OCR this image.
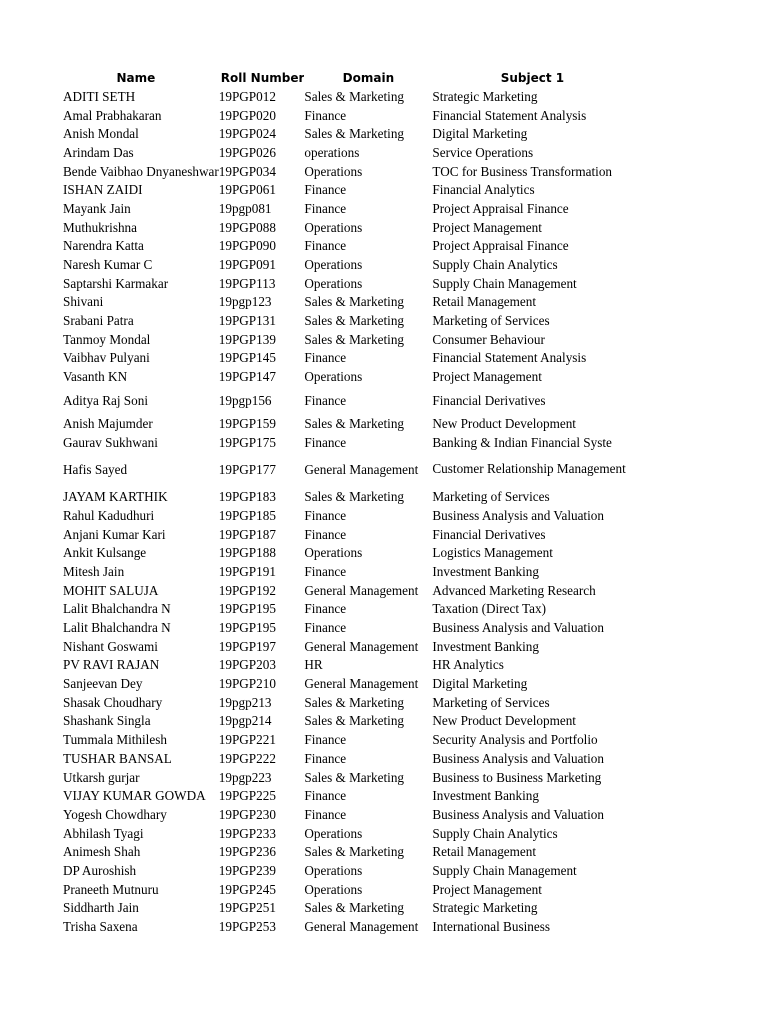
Name	Roll Number	Domain	Subject 1
ADITI SETH	19PGP012	Sales & Marketing	Strategic Marketing
Amal Prabhakaran	19PGP020	Finance	Financial Statement Analysis
Anish Mondal	19PGP024	Sales & Marketing	Digital Marketing
Arindam Das	19PGP026	operations	Service Operations
Bende Vaibhao Dnyaneshwar	19PGP034	Operations	TOC for Business Transformation
ISHAN ZAIDI	19PGP061	Finance	Financial Analytics
Mayank Jain	19pgp081	Finance	Project Appraisal Finance
Muthukrishna	19PGP088	Operations	Project Management
Narendra Katta	19PGP090	Finance	Project Appraisal Finance
Naresh Kumar C	19PGP091	Operations	Supply Chain Analytics
Saptarshi Karmakar	19PGP113	Operations	Supply Chain Management
Shivani	19pgp123	Sales & Marketing	Retail Management
Srabani Patra	19PGP131	Sales & Marketing	Marketing of Services
Tanmoy Mondal	19PGP139	Sales & Marketing	Consumer Behaviour
Vaibhav Pulyani	19PGP145	Finance	Financial Statement Analysis
Vasanth KN	19PGP147	Operations	Project Management
Aditya Raj Soni	19pgp156	Finance	Financial Derivatives
Anish Majumder	19PGP159	Sales & Marketing	New Product Development
Gaurav Sukhwani	19PGP175	Finance	Banking & Indian Financial Syste
Hafis Sayed	19PGP177	General Management	Customer Relationship Management
JAYAM KARTHIK	19PGP183	Sales & Marketing	Marketing of Services
Rahul Kadudhuri	19PGP185	Finance	Business Analysis and Valuation
Anjani Kumar Kari	19PGP187	Finance	Financial Derivatives
Ankit Kulsange	19PGP188	Operations	Logistics Management
Mitesh Jain	19PGP191	Finance	Investment Banking
MOHIT SALUJA	19PGP192	General Management	Advanced Marketing Research
Lalit Bhalchandra N	19PGP195	Finance	Taxation (Direct Tax)
Lalit Bhalchandra N	19PGP195	Finance	Business Analysis and Valuation
Nishant Goswami	19PGP197	General Management	Investment Banking
PV RAVI RAJAN	19PGP203	HR	HR Analytics
Sanjeevan Dey	19PGP210	General Management	Digital Marketing
Shasak Choudhary	19pgp213	Sales & Marketing	Marketing of Services
Shashank Singla	19pgp214	Sales & Marketing	New Product Development
Tummala Mithilesh	19PGP221	Finance	Security Analysis and Portfolio
TUSHAR BANSAL	19PGP222	Finance	Business Analysis and Valuation
Utkarsh gurjar	19pgp223	Sales & Marketing	Business to Business Marketing
VIJAY KUMAR GOWDA	19PGP225	Finance	Investment Banking
Yogesh Chowdhary	19PGP230	Finance	Business Analysis and Valuation
Abhilash Tyagi	19PGP233	Operations	Supply Chain Analytics
Animesh Shah	19PGP236	Sales & Marketing	Retail Management
DP Auroshish	19PGP239	Operations	Supply Chain Management
Praneeth Mutnuru	19PGP245	Operations	Project Management
Siddharth Jain	19PGP251	Sales & Marketing	Strategic Marketing
Trisha Saxena	19PGP253	General Management	International Business
